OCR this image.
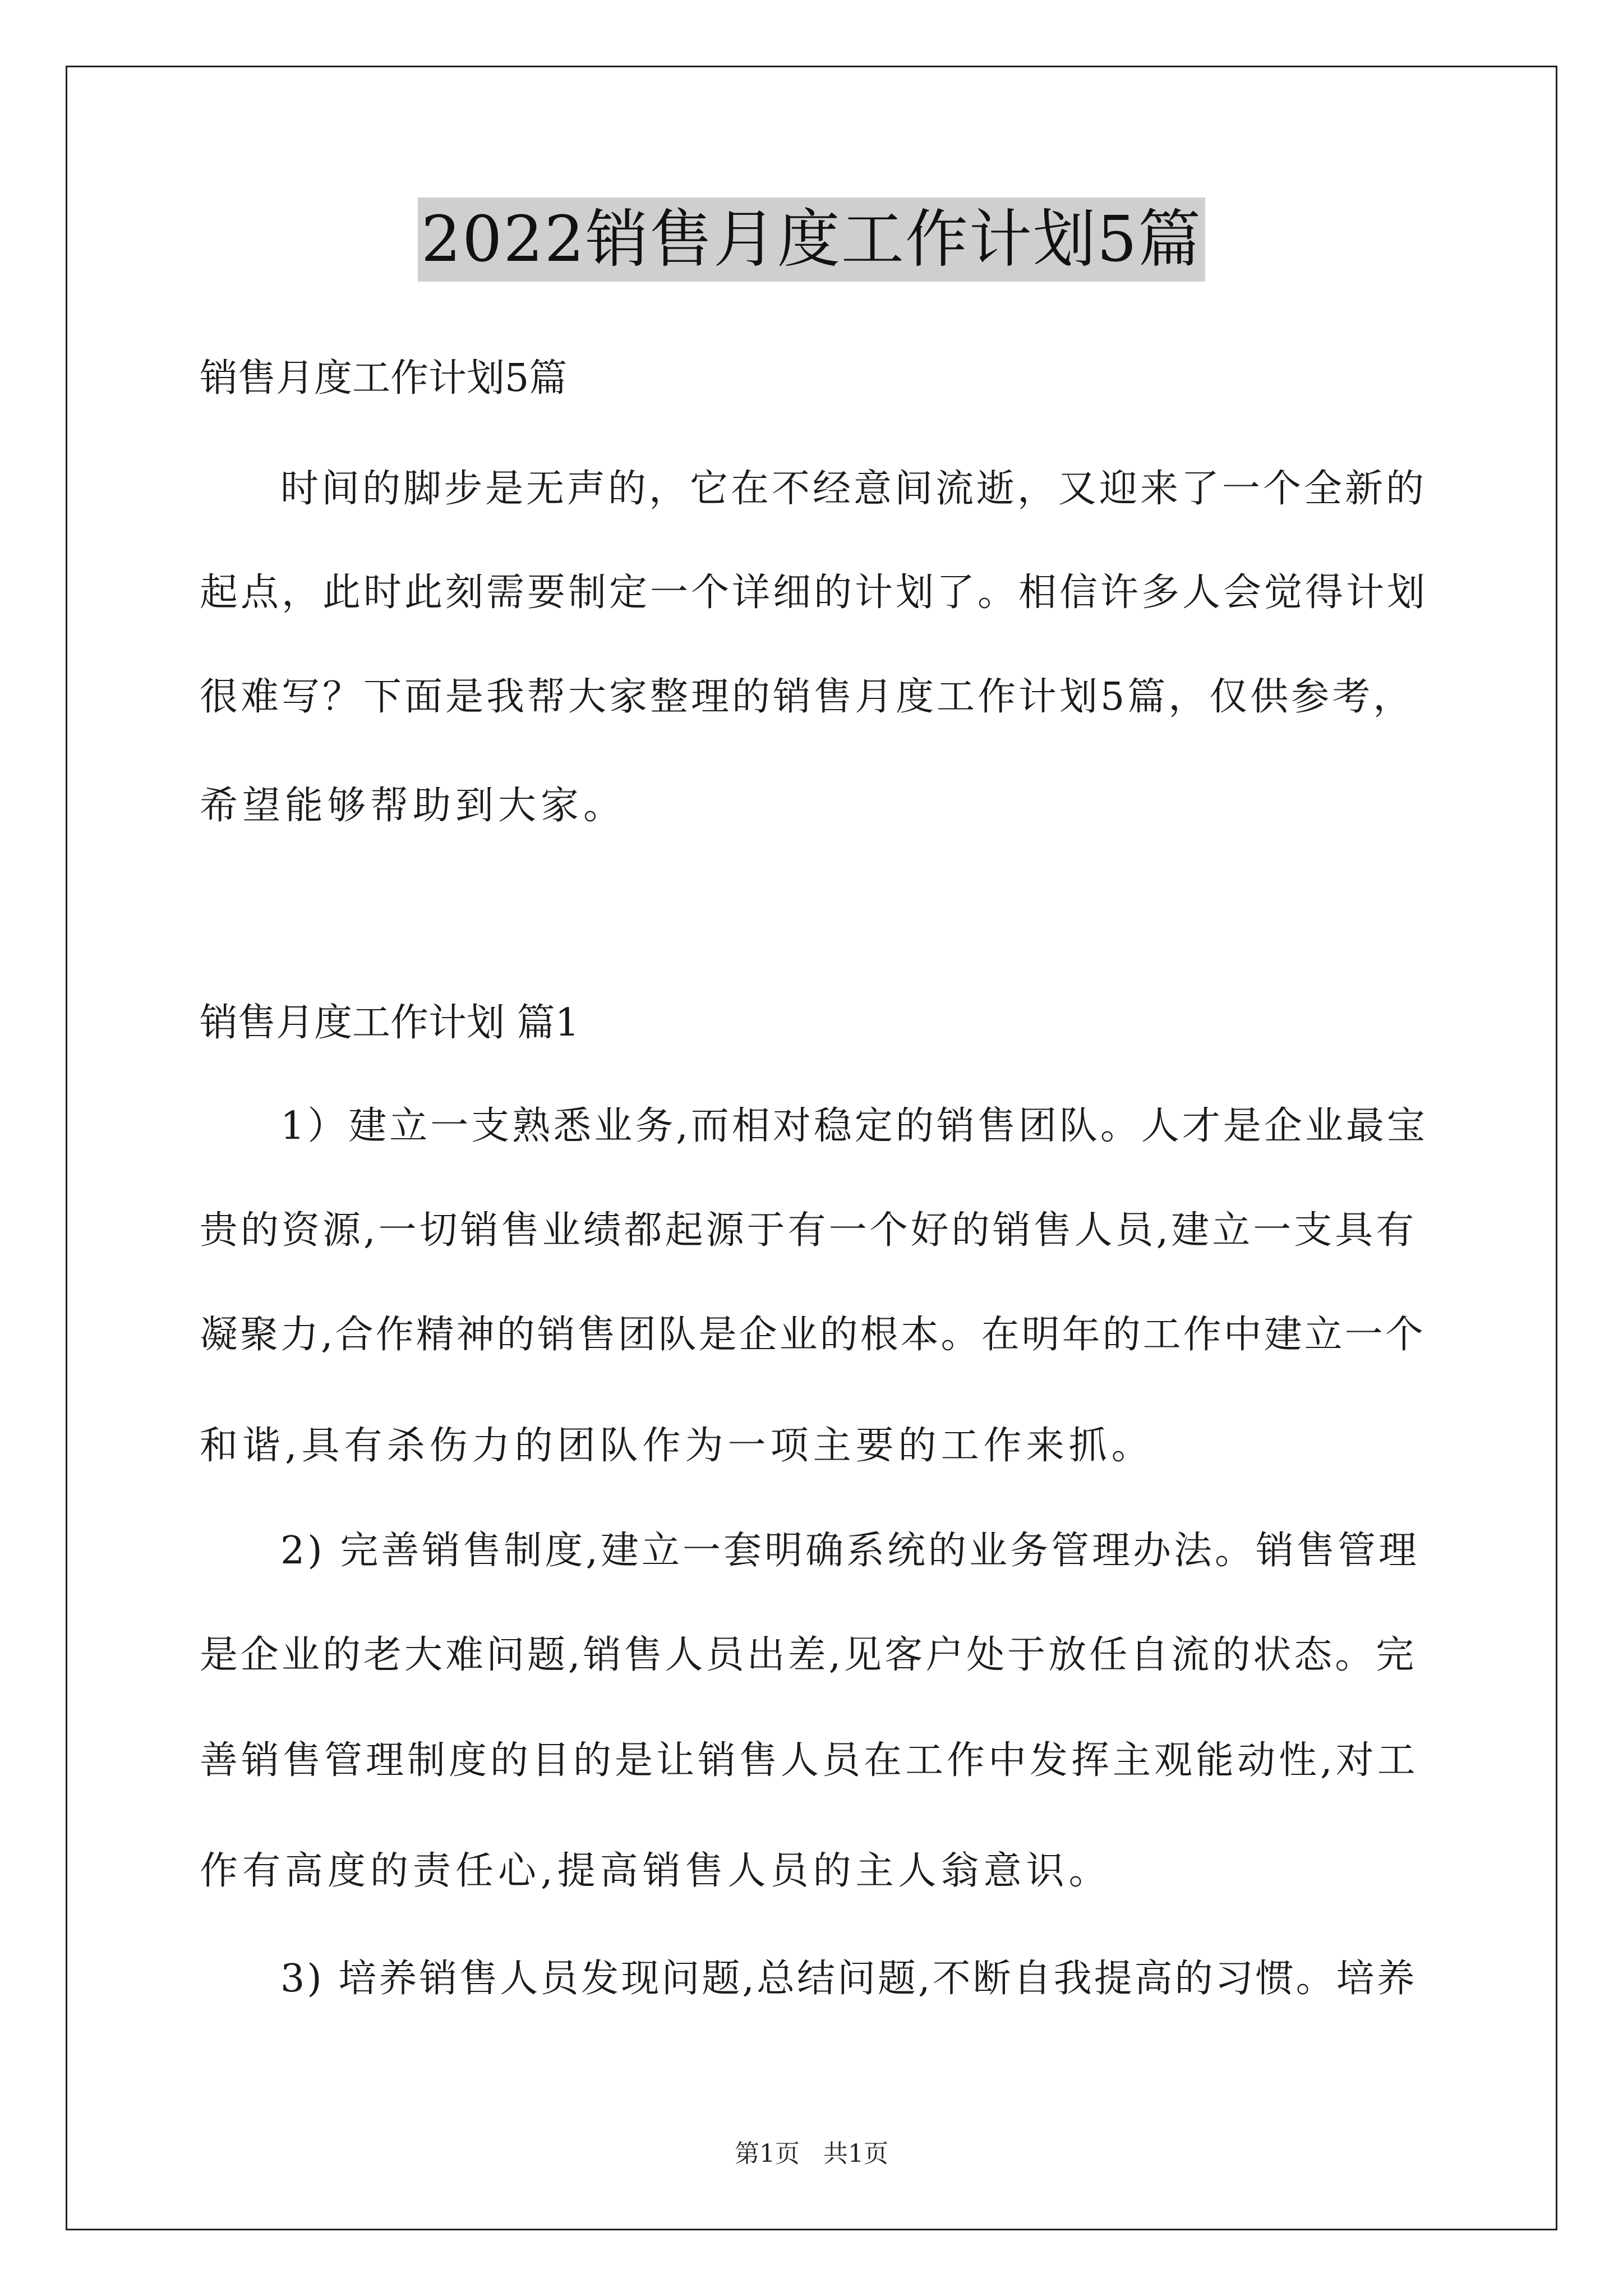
2022销售月度工作计划5篇
销售月度工作计划5篇
时间的脚步是无声的，它在不经意间流逝，又迎来了一个全新的
起点，此时此刻需要制定一个详细的计划了。相信许多人会觉得计划
很难写？下面是我帮大家整理的销售月度工作计划5篇，仅供参考，
希望能够帮助到大家。
销售月度工作计划 篇1
1）建立一支熟悉业务,而相对稳定的销售团队。人才是企业最宝
贵的资源,一切销售业绩都起源于有一个好的销售人员,建立一支具有
凝聚力,合作精神的销售团队是企业的根本。在明年的工作中建立一个
和谐,具有杀伤力的团队作为一项主要的工作来抓。
2) 完善销售制度,建立一套明确系统的业务管理办法。销售管理
是企业的老大难问题,销售人员出差,见客户处于放任自流的状态。完
善销售管理制度的目的是让销售人员在工作中发挥主观能动性,对工
作有高度的责任心,提高销售人员的主人翁意识。
3) 培养销售人员发现问题,总结问题,不断自我提高的习惯。培养
第1页   共1页
